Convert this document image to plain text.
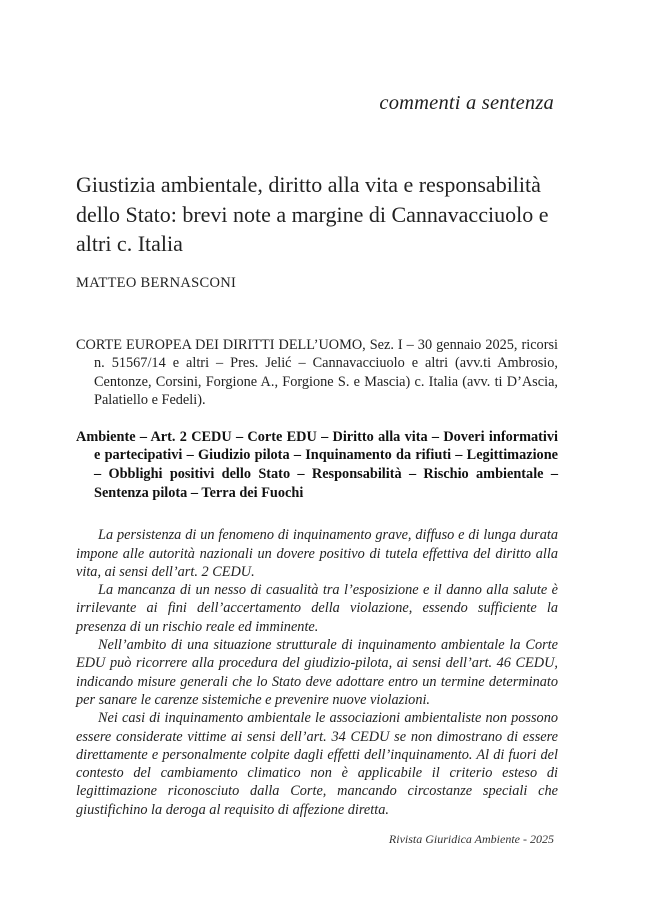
commenti a sentenza
Giustizia ambientale, diritto alla vita e responsabilità dello Stato: brevi note a margine di Cannavacciuolo e altri c. Italia
MATTEO BERNASCONI
CORTE EUROPEA DEI DIRITTI DELL’UOMO, Sez. I – 30 gennaio 2025, ricorsi n. 51567/14 e altri – Pres. Jelić – Cannavacciuolo e altri (avv.ti Ambrosio, Centonze, Corsini, Forgione A., Forgione S. e Mascia) c. Italia (avv. ti D’Ascia, Palatiello e Fedeli).
Ambiente – Art. 2 CEDU – Corte EDU – Diritto alla vita – Doveri informativi e partecipativi – Giudizio pilota – Inquinamento da rifiuti – Legittimazione – Obblighi positivi dello Stato – Responsabilità – Rischio ambientale – Sentenza pilota – Terra dei Fuochi

La persistenza di un fenomeno di inquinamento grave, diffuso e di lunga durata impone alle autorità nazionali un dovere positivo di tutela effettiva del diritto alla vita, ai sensi dell’art. 2 CEDU.

La mancanza di un nesso di casualità tra l’esposizione e il danno alla salute è irrilevante ai fini dell’accertamento della violazione, essendo sufficiente la presenza di un rischio reale ed imminente.

Nell’ambito di una situazione strutturale di inquinamento ambientale la Corte EDU può ricorrere alla procedura del giudizio-pilota, ai sensi dell’art. 46 CEDU, indicando misure generali che lo Stato deve adottare entro un termine determinato per sanare le carenze sistemiche e prevenire nuove violazioni.

Nei casi di inquinamento ambientale le associazioni ambientaliste non possono essere considerate vittime ai sensi dell’art. 34 CEDU se non dimostrano di essere direttamente e personalmente colpite dagli effetti dell’inquinamento. Al di fuori del contesto del cambiamento climatico non è applicabile il criterio esteso di legittimazione riconosciuto dalla Corte, mancando circostanze speciali che giustifichino la deroga al requisito di affezione diretta.

Rivista Giuridica Ambiente - 2025
